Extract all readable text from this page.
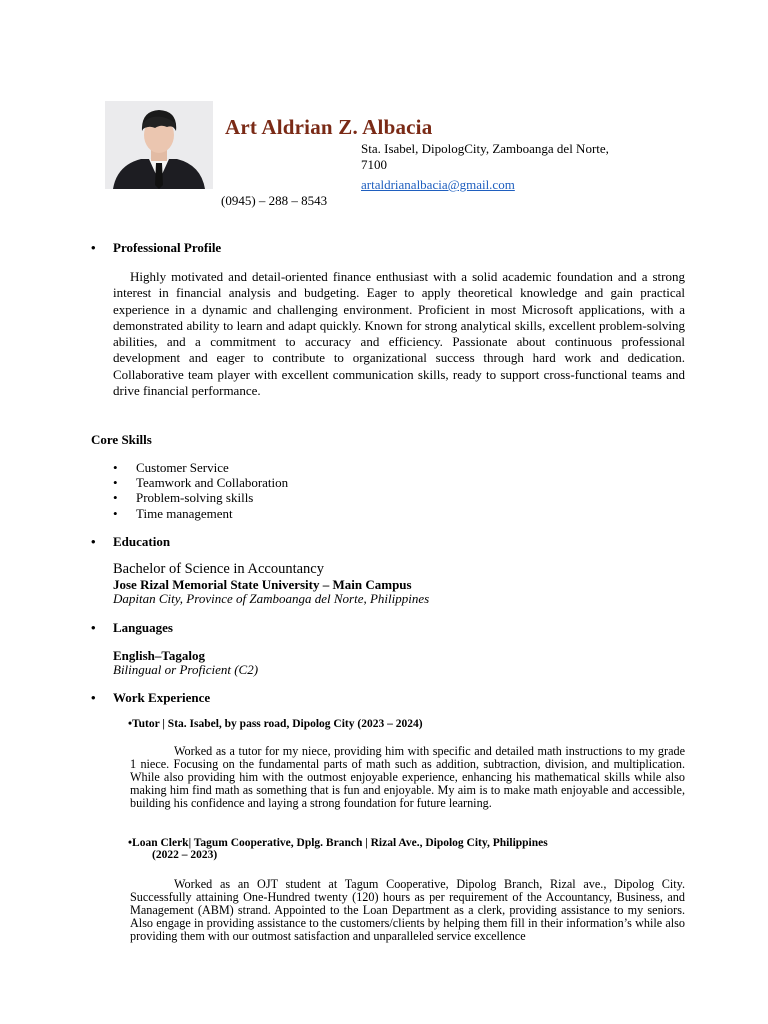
Art Aldrian Z. Albacia
Sta. Isabel, DipologCity, Zamboanga del Norte, 7100
artaldrianalbacia@gmail.com
(0945) – 288 – 8543
• Professional Profile
Highly motivated and detail-oriented finance enthusiast with a solid academic foundation and a strong interest in financial analysis and budgeting. Eager to apply theoretical knowledge and gain practical experience in a dynamic and challenging environment. Proficient in most Microsoft applications, with a demonstrated ability to learn and adapt quickly. Known for strong analytical skills, excellent problem-solving abilities, and a commitment to accuracy and efficiency. Passionate about continuous professional development and eager to contribute to organizational success through hard work and dedication. Collaborative team player with excellent communication skills, ready to support cross-functional teams and drive financial performance.
Core Skills
• Customer Service
• Teamwork and Collaboration
• Problem-solving skills
• Time management
• Education
Bachelor of Science in Accountancy
Jose Rizal Memorial State University – Main Campus
Dapitan City, Province of Zamboanga del Norte, Philippines
• Languages
English–Tagalog
Bilingual or Proficient (C2)
• Work Experience
•Tutor | Sta. Isabel, by pass road, Dipolog City (2023 – 2024)
Worked as a tutor for my niece, providing him with specific and detailed math instructions to my grade 1 niece. Focusing on the fundamental parts of math such as addition, subtraction, division, and multiplication. While also providing him with the outmost enjoyable experience, enhancing his mathematical skills while also making him find math as something that is fun and enjoyable. My aim is to make math enjoyable and accessible, building his confidence and laying a strong foundation for future learning.
•Loan Clerk| Tagum Cooperative, Dplg. Branch | Rizal Ave., Dipolog City, Philippines
(2022 – 2023)
Worked as an OJT student at Tagum Cooperative, Dipolog Branch, Rizal ave., Dipolog City. Successfully attaining One-Hundred twenty (120) hours as per requirement of the Accountancy, Business, and Management (ABM) strand. Appointed to the Loan Department as a clerk, providing assistance to my seniors. Also engage in providing assistance to the customers/clients by helping them fill in their information’s while also providing them with our outmost satisfaction and unparalleled service excellence
